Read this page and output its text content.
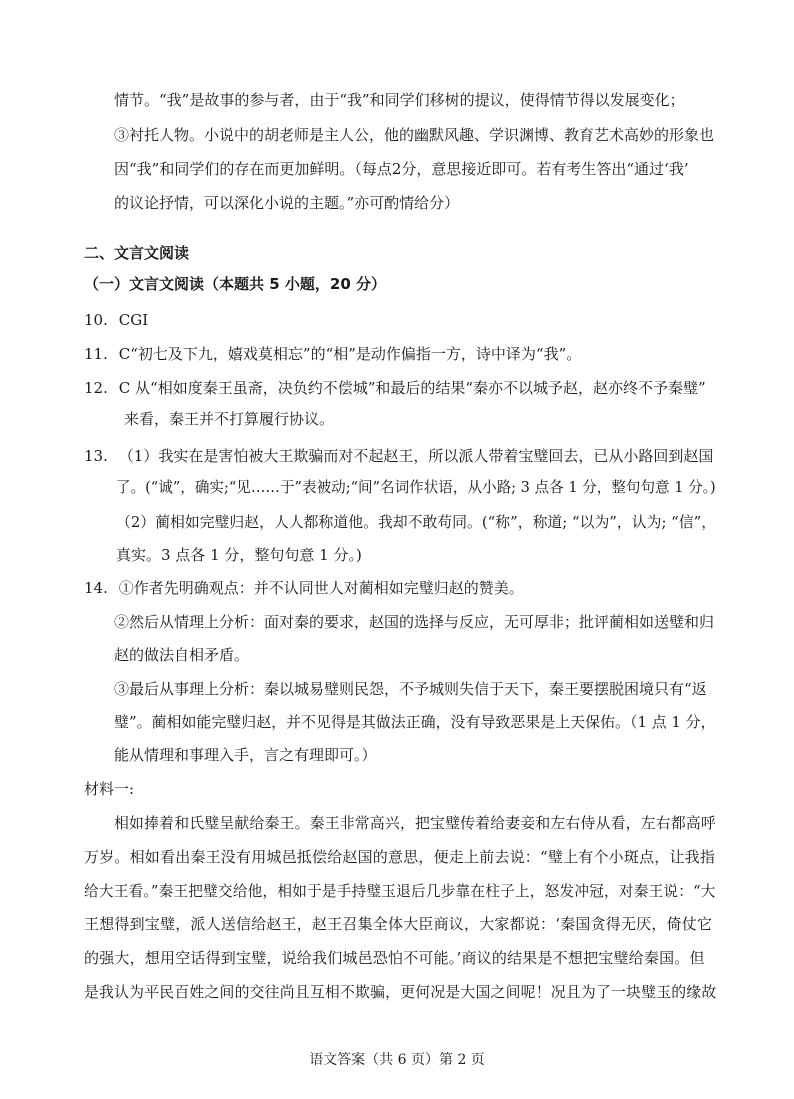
情节。“我”是故事的参与者，由于“我”和同学们移树的提议，使得情节得以发展变化；
③衬托人物。小说中的胡老师是主人公，他的幽默风趣、学识渊博、教育艺术高妙的形象也
因“我”和同学们的存在而更加鲜明。（每点2分，意思接近即可。若有考生答出“通过‘我’
的议论抒情，可以深化小说的主题。”亦可酌情给分）
二、文言文阅读
（一）文言文阅读（本题共 5 小题，20 分）
10. CGI
11. C“初七及下九，嬉戏莫相忘”的“相”是动作偏指一方，诗中译为“我”。
12. C 从“相如度秦王虽斋，决负约不偿城”和最后的结果“秦亦不以城予赵，赵亦终不予秦璧”
来看，秦王并不打算履行协议。
13. （1）我实在是害怕被大王欺骗而对不起赵王，所以派人带着宝璧回去，已从小路回到赵国
了。(“诚”，确实;“见……于”表被动;“间”名词作状语，从小路; 3 点各 1 分，整句句意 1 分。)
（2）蔺相如完璧归赵，人人都称道他。我却不敢苟同。(“称”，称道; “以为”，认为; “信”，
真实。3 点各 1 分，整句句意 1 分。)
14. ①作者先明确观点：并不认同世人对蔺相如完璧归赵的赞美。
②然后从情理上分析：面对秦的要求，赵国的选择与反应，无可厚非；批评蔺相如送璧和归
赵的做法自相矛盾。
③最后从事理上分析：秦以城易璧则民怨，不予城则失信于天下，秦王要摆脱困境只有“返
璧”。蔺相如能完璧归赵，并不见得是其做法正确，没有导致恶果是上天保佑。（1 点 1 分，
能从情理和事理入手，言之有理即可。）
材料一:
相如捧着和氏璧呈献给秦王。秦王非常高兴，把宝璧传着给妻妾和左右侍从看，左右都高呼
万岁。相如看出秦王没有用城邑抵偿给赵国的意思，便走上前去说：“璧上有个小斑点，让我指
给大王看。”秦王把璧交给他，相如于是手持璧玉退后几步靠在柱子上，怒发冲冠，对秦王说：“大
王想得到宝璧，派人送信给赵王，赵王召集全体大臣商议，大家都说：‘秦国贪得无厌，倚仗它
的强大，想用空话得到宝璧，说给我们城邑恐怕不可能。’商议的结果是不想把宝璧给秦国。但
是我认为平民百姓之间的交往尚且互相不欺骗，更何况是大国之间呢！况且为了一块璧玉的缘故
语文答案（共 6 页）第 2 页
